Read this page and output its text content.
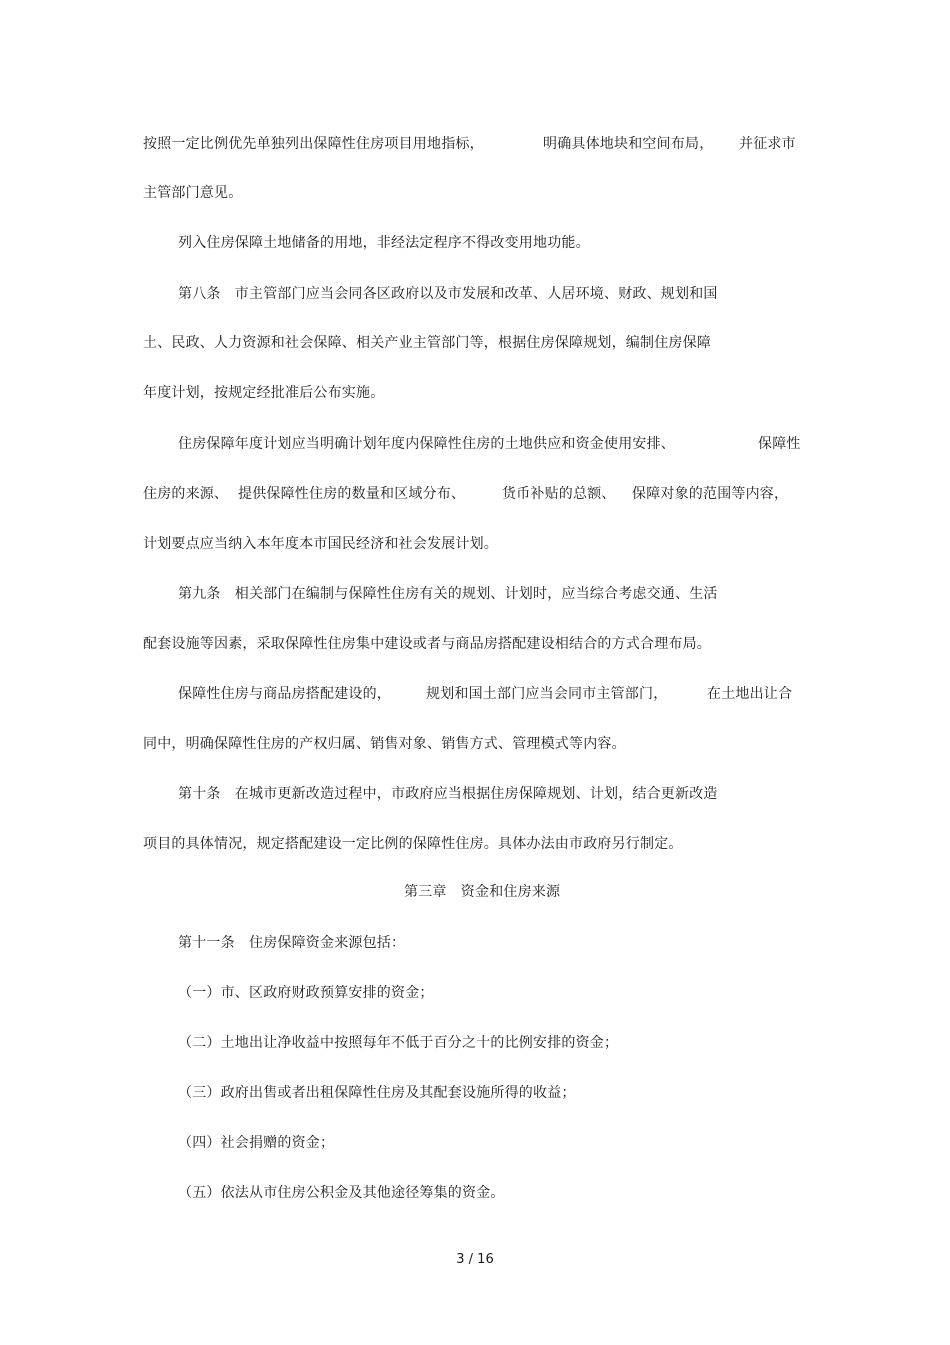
按照一定比例优先单独列出保障性住房项目用地指标，	明确具体地块和空间布局， 并征求市
主管部门意见。
列入住房保障土地储备的用地，非经法定程序不得改变用地功能。
第八条　市主管部门应当会同各区政府以及市发展和改革、人居环境、财政、规划和国
土、民政、人力资源和社会保障、相关产业主管部门等，根据住房保障规划，编制住房保障
年度计划，按规定经批准后公布实施。
住房保障年度计划应当明确计划年度内保障性住房的土地供应和资金使用安排、	保障性
住房的来源、 提供保障性住房的数量和区域分布、	货币补贴的总额、 保障对象的范围等内容，
计划要点应当纳入本年度本市国民经济和社会发展计划。
第九条　相关部门在编制与保障性住房有关的规划、计划时，应当综合考虑交通、生活
配套设施等因素，采取保障性住房集中建设或者与商品房搭配建设相结合的方式合理布局。
保障性住房与商品房搭配建设的，	规划和国土部门应当会同市主管部门，	在土地出让合
同中，明确保障性住房的产权归属、销售对象、销售方式、管理模式等内容。
第十条　在城市更新改造过程中，市政府应当根据住房保障规划、计划，结合更新改造
项目的具体情况，规定搭配建设一定比例的保障性住房。具体办法由市政府另行制定。
第三章　资金和住房来源
第十一条　住房保障资金来源包括：
（一）市、区政府财政预算安排的资金；
（二）土地出让净收益中按照每年不低于百分之十的比例安排的资金；
（三）政府出售或者出租保障性住房及其配套设施所得的收益；
（四）社会捐赠的资金；
（五）依法从市住房公积金及其他途径筹集的资金。
3 / 16
